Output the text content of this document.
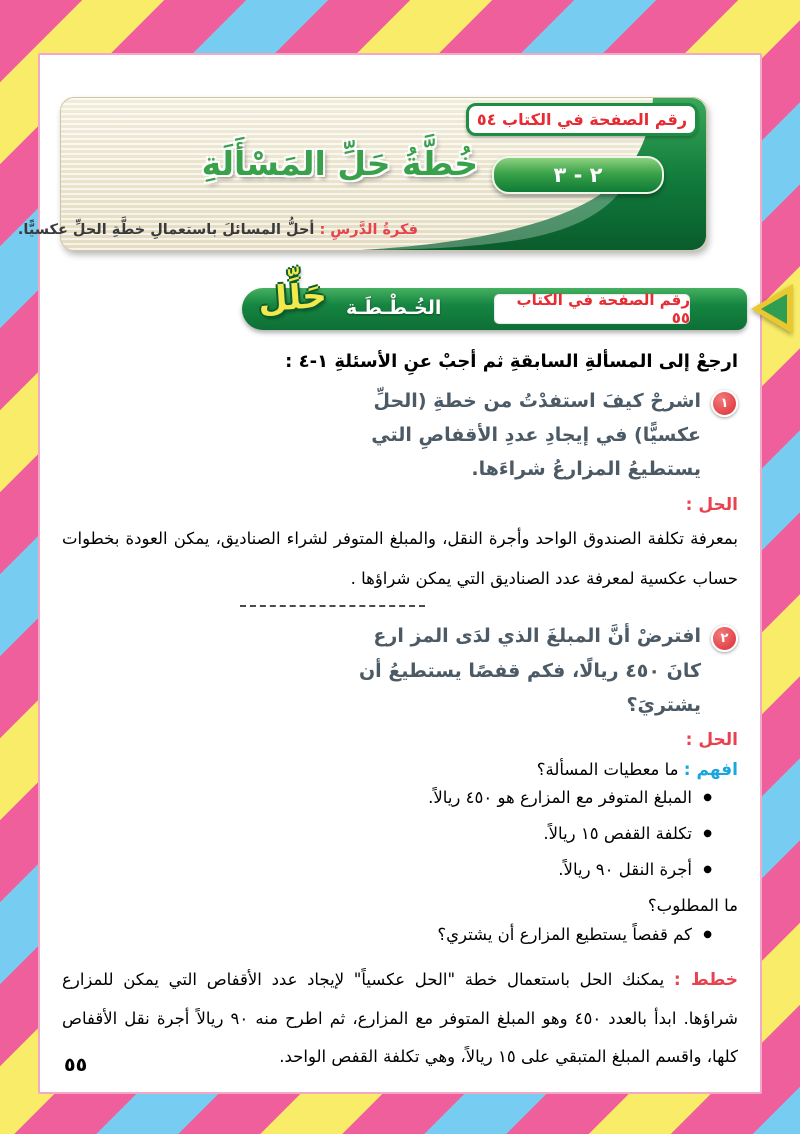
رقم الصفحة في الكتاب ٥٤
٢ - ٣
خُطَّةُ حَلِّ المَسْأَلَةِ
فكرةُ الدَّرسِ : أحلُّ المسائلَ باستعمالِ خطَّةِ الحلِّ عكسيًّا.
حَلِّل الخُـطْـطَـة	رقم الصفحة في الكتاب ٥٥
ارجعْ إلى المسألةِ السابقةِ ثم أجبْ عنِ الأسئلةِ ١-٤ :
١
اشرحْ كيفَ استفدْتُ من خطةِ (الحلِّ عكسيًّا) في إيجادِ عددِ الأقفاصِ التي يستطيعُ المزارعُ شراءَها.
الحل :
بمعرفة تكلفة الصندوق الواحد وأجرة النقل، والمبلغ المتوفر لشراء الصناديق، يمكن العودة بخطوات حساب عكسية لمعرفة عدد الصناديق التي يمكن شراؤها .
٢
افترضْ أنَّ المبلغَ الذي لدَى المز ارع كانَ ٤٥٠ ريالًا، فكم قفصًا يستطيعُ أن يشتريَ؟
الحل :
افهم : ما معطيات المسألة؟
● المبلغ المتوفر مع المزارع هو ٤٥٠ ريالاً.
● تكلفة القفص ١٥ ريالاً.
● أجرة النقل ٩٠ ريالاً.
ما المطلوب؟
● كم قفصاً يستطيع المزارع أن يشتري؟
خطط : يمكنك الحل باستعمال خطة "الحل عكسياً" لإيجاد عدد الأقفاص التي يمكن للمزارع شراؤها. ابدأ بالعدد ٤٥٠ وهو المبلغ المتوفر مع المزارع، ثم اطرح منه ٩٠ ريالاً أجرة نقل الأقفاص كلها، واقسم المبلغ المتبقي على ١٥ ريالاً، وهي تكلفة القفص الواحد.
٥٥
